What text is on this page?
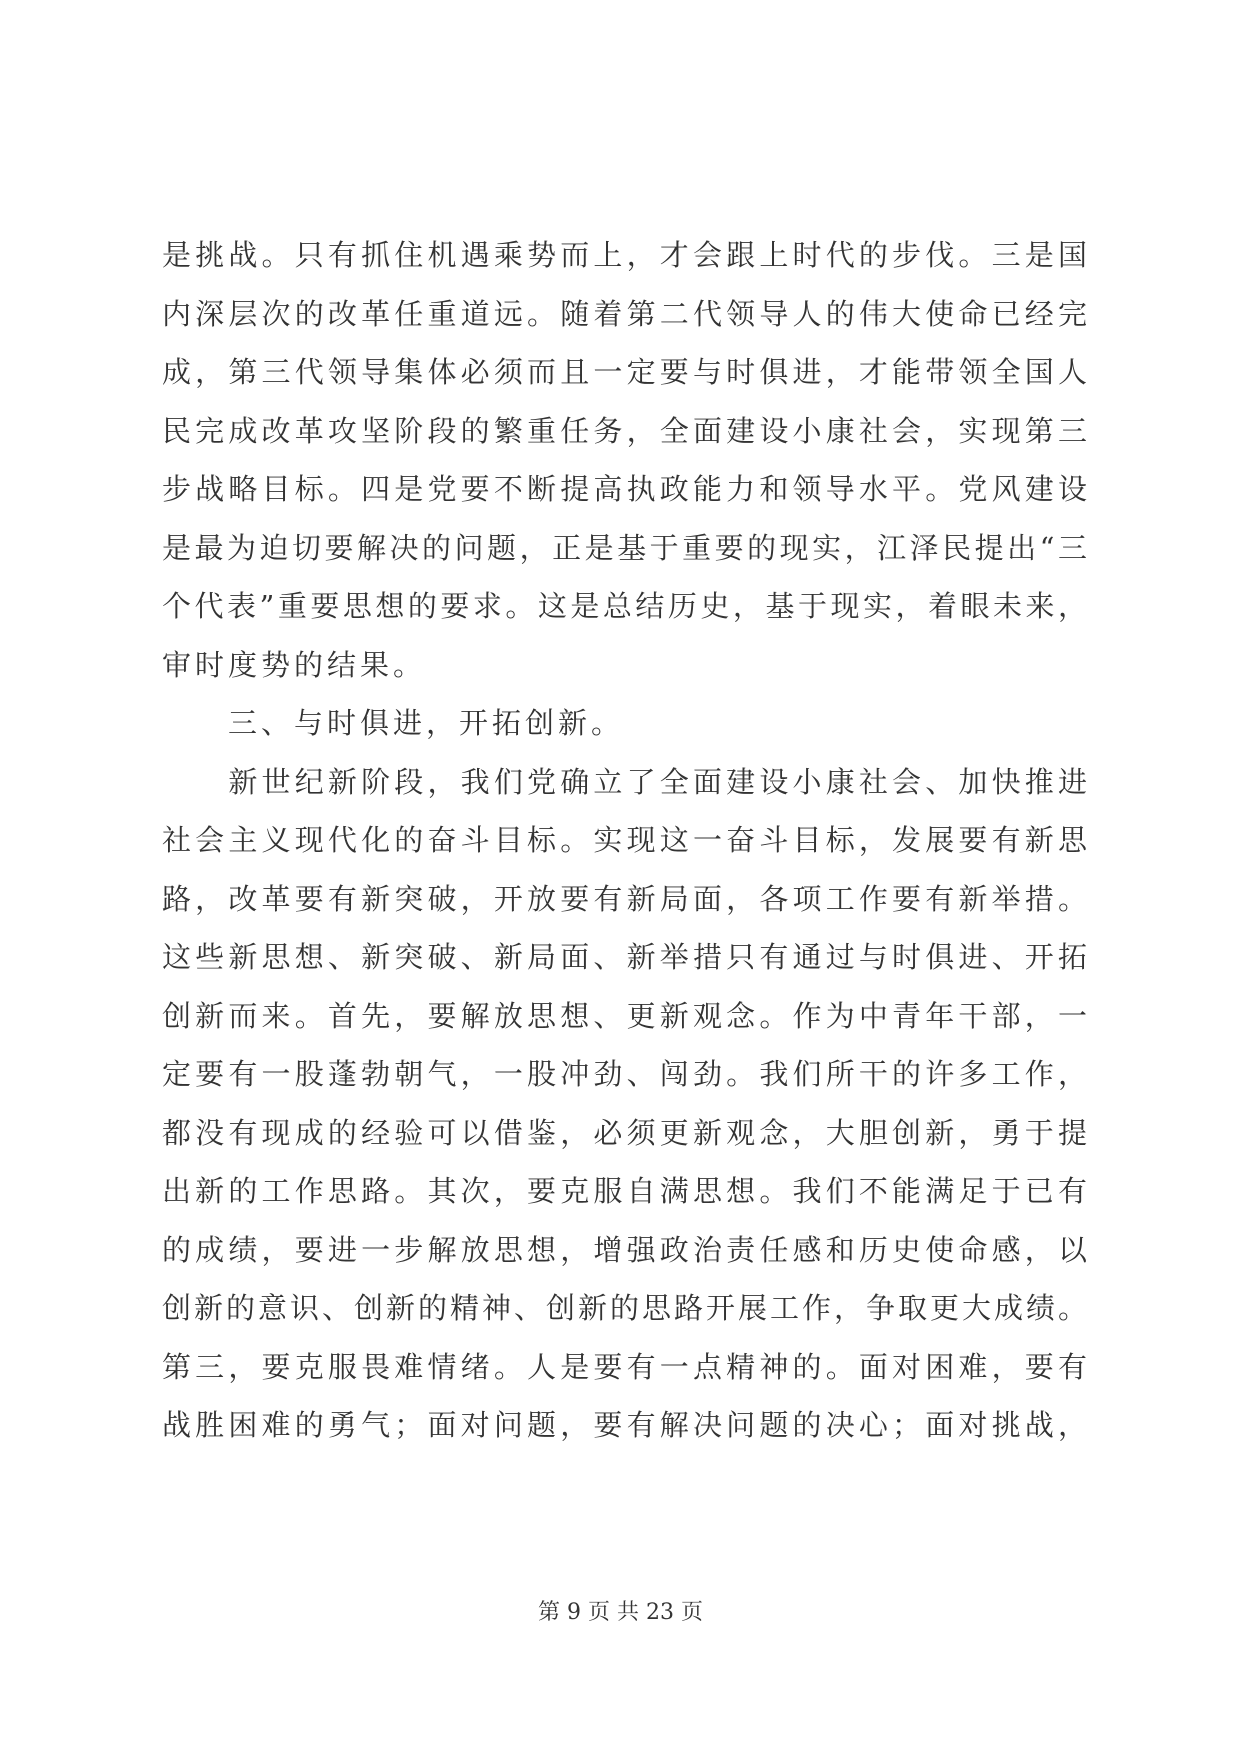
是挑战。只有抓住机遇乘势而上，才会跟上时代的步伐。三是国
内深层次的改革任重道远。随着第二代领导人的伟大使命已经完
成，第三代领导集体必须而且一定要与时俱进，才能带领全国人
民完成改革攻坚阶段的繁重任务，全面建设小康社会，实现第三
步战略目标。四是党要不断提高执政能力和领导水平。党风建设
是最为迫切要解决的问题，正是基于重要的现实，江泽民提出“三
个代表”重要思想的要求。这是总结历史，基于现实，着眼未来，
审时度势的结果。
　　三、与时俱进，开拓创新。
　　新世纪新阶段，我们党确立了全面建设小康社会、加快推进
社会主义现代化的奋斗目标。实现这一奋斗目标，发展要有新思
路，改革要有新突破，开放要有新局面，各项工作要有新举措。
这些新思想、新突破、新局面、新举措只有通过与时俱进、开拓
创新而来。首先，要解放思想、更新观念。作为中青年干部，一
定要有一股蓬勃朝气，一股冲劲、闯劲。我们所干的许多工作，
都没有现成的经验可以借鉴，必须更新观念，大胆创新，勇于提
出新的工作思路。其次，要克服自满思想。我们不能满足于已有
的成绩，要进一步解放思想，增强政治责任感和历史使命感，以
创新的意识、创新的精神、创新的思路开展工作，争取更大成绩。
第三，要克服畏难情绪。人是要有一点精神的。面对困难，要有
战胜困难的勇气；面对问题，要有解决问题的决心；面对挑战，
第 9 页 共 23 页
